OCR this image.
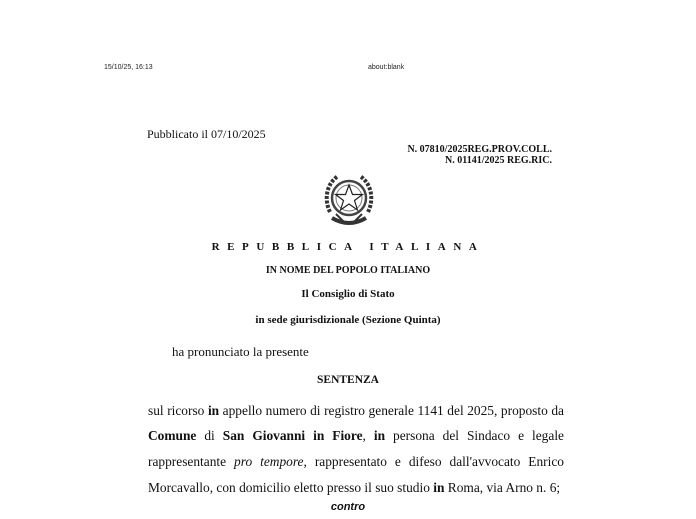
15/10/25, 16:13	about:blank
Pubblicato il 07/10/2025
N. 07810/2025REG.PROV.COLL.
N. 01141/2025 REG.RIC.
REPUBBLICA ITALIANA
IN NOME DEL POPOLO ITALIANO
Il Consiglio di Stato
in sede giurisdizionale (Sezione Quinta)
ha pronunciato la presente
SENTENZA
sul ricorso in appello numero di registro generale 1141 del 2025, proposto da
Comune di San Giovanni in Fiore, in persona del Sindaco e legale
rappresentante pro tempore, rappresentato e difeso dall'avvocato Enrico
Morcavallo, con domicilio eletto presso il suo studio in Roma, via Arno n. 6;
contro
